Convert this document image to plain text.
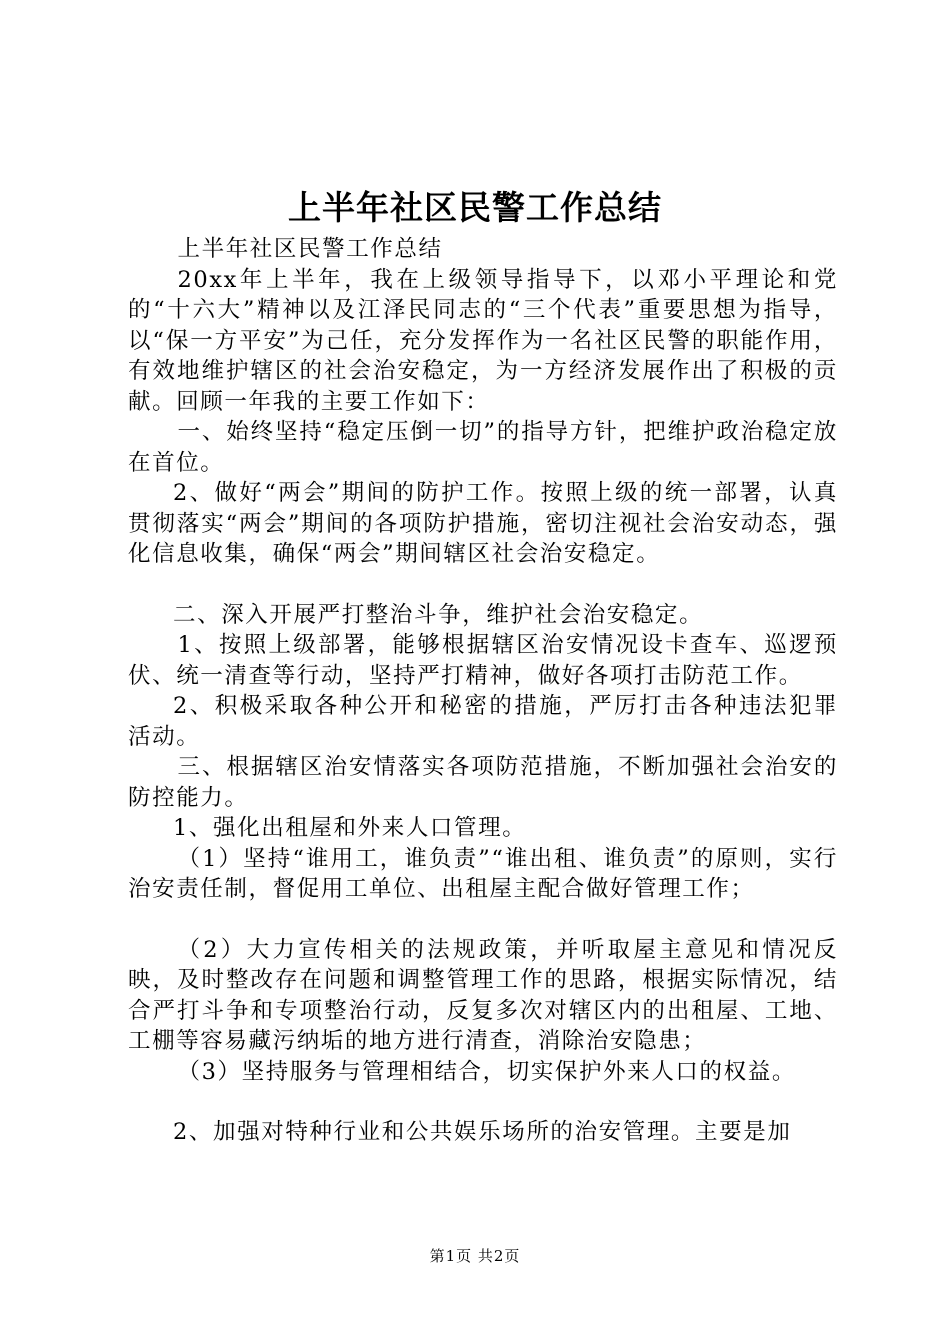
上半年社区民警工作总结

上半年社区民警工作总结

20xx年上半年，我在上级领导指导下，以邓小平理论和党的“十六大”精神以及江泽民同志的“三个代表”重要思想为指导，以“保一方平安”为己任，充分发挥作为一名社区民警的职能作用，有效地维护辖区的社会治安稳定，为一方经济发展作出了积极的贡献。回顾一年我的主要工作如下：

一、始终坚持“稳定压倒一切”的指导方针，把维护政治稳定放在首位。

2、做好“两会”期间的防护工作。按照上级的统一部署，认真贯彻落实“两会”期间的各项防护措施，密切注视社会治安动态，强化信息收集，确保“两会”期间辖区社会治安稳定。

二、深入开展严打整治斗争，维护社会治安稳定。

1、按照上级部署，能够根据辖区治安情况设卡查车、巡逻预伏、统一清查等行动，坚持严打精神，做好各项打击防范工作。

2、积极采取各种公开和秘密的措施，严厉打击各种违法犯罪活动。

三、根据辖区治安情落实各项防范措施，不断加强社会治安的防控能力。

1、强化出租屋和外来人口管理。

（1）坚持“谁用工，谁负责”“谁出租、谁负责”的原则，实行治安责任制，督促用工单位、出租屋主配合做好管理工作；

（2）大力宣传相关的法规政策，并听取屋主意见和情况反映，及时整改存在问题和调整管理工作的思路，根据实际情况，结合严打斗争和专项整治行动，反复多次对辖区内的出租屋、工地、工棚等容易藏污纳垢的地方进行清查，消除治安隐患；

（3）坚持服务与管理相结合，切实保护外来人口的权益。

2、加强对特种行业和公共娱乐场所的治安管理。主要是加

第1页 共2页
